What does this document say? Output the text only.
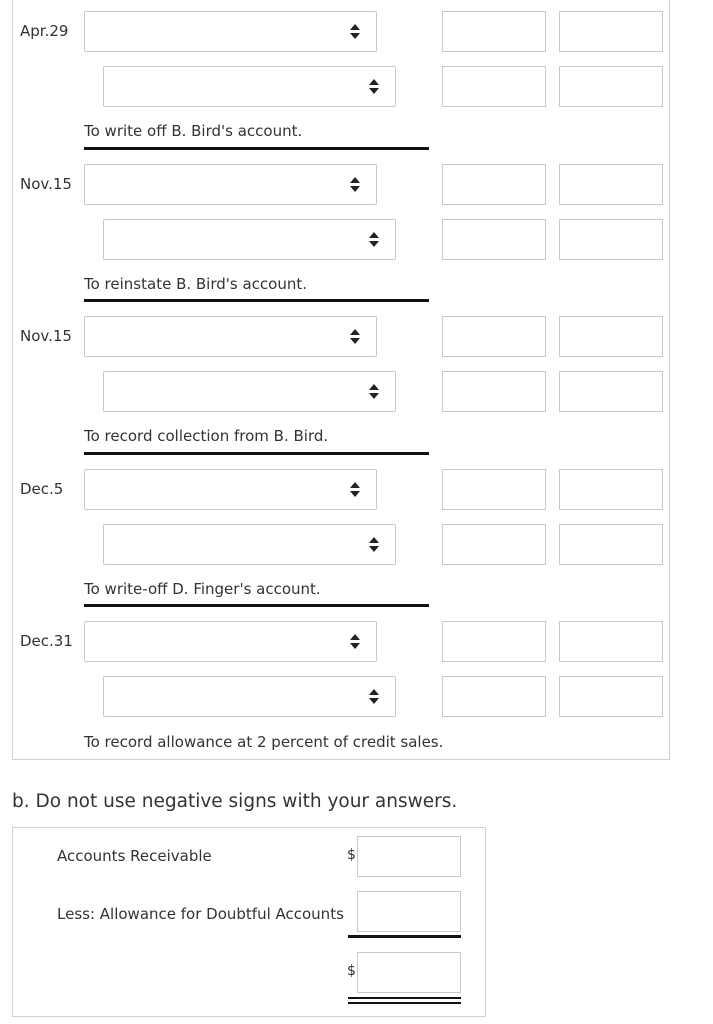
Apr.29
To write off B. Bird's account.
Nov.15
To reinstate B. Bird's account.
Nov.15
To record collection from B. Bird.
Dec.5
To write-off D. Finger's account.
Dec.31
To record allowance at 2 percent of credit sales.
b. Do not use negative signs with your answers.
Accounts Receivable	$
Less: Allowance for Doubtful Accounts
$
